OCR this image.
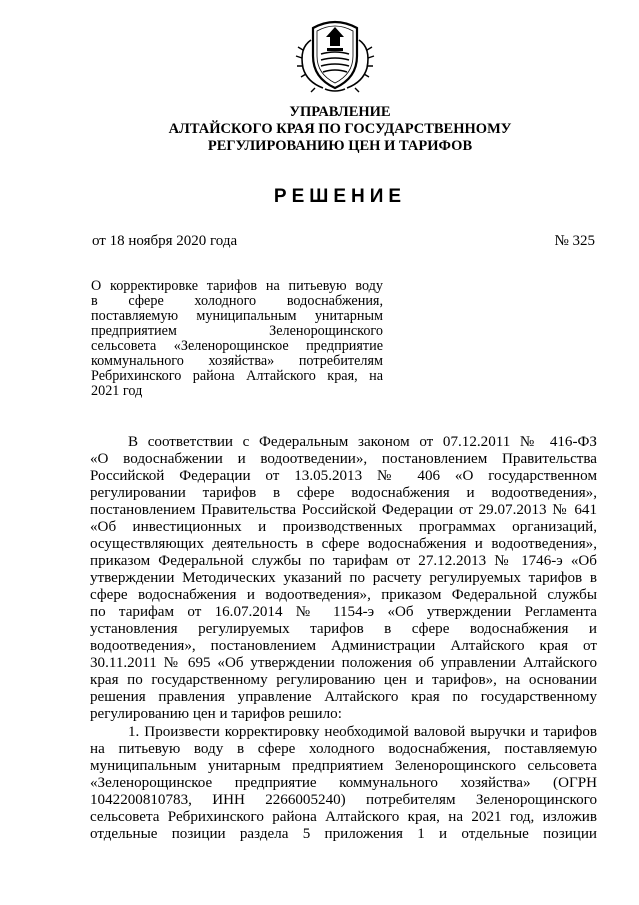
УПРАВЛЕНИЕ
АЛТАЙСКОГО КРАЯ ПО ГОСУДАРСТВЕННОМУ
РЕГУЛИРОВАНИЮ ЦЕН И ТАРИФОВ
РЕШЕНИЕ
от 18 ноября 2020 года	№ 325
О корректировке тарифов на питьевую воду
в сфере холодного водоснабжения,
поставляемую муниципальным унитарным
предприятием Зеленорощинского
сельсовета «Зеленорощинское предприятие
коммунального хозяйства» потребителям
Ребрихинского района Алтайского края, на
2021 год
В соответствии с Федеральным законом от 07.12.2011 № 416-ФЗ
«О водоснабжении и водоотведении», постановлением Правительства
Российской Федерации от 13.05.2013 № 406 «О государственном
регулировании тарифов в сфере водоснабжения и водоотведения»,
постановлением Правительства Российской Федерации от 29.07.2013 № 641
«Об инвестиционных и производственных программах организаций,
осуществляющих деятельность в сфере водоснабжения и водоотведения»,
приказом Федеральной службы по тарифам от 27.12.2013 № 1746-э «Об
утверждении Методических указаний по расчету регулируемых тарифов в
сфере водоснабжения и водоотведения», приказом Федеральной службы
по тарифам от 16.07.2014 № 1154-э «Об утверждении Регламента
установления регулируемых тарифов в сфере водоснабжения и
водоотведения», постановлением Администрации Алтайского края от
30.11.2011 № 695 «Об утверждении положения об управлении Алтайского
края по государственному регулированию цен и тарифов», на основании
решения правления управление Алтайского края по государственному
регулированию цен и тарифов решило:
1. Произвести корректировку необходимой валовой выручки и тарифов
на питьевую воду в сфере холодного водоснабжения, поставляемую
муниципальным унитарным предприятием Зеленорощинского сельсовета
«Зеленорощинское предприятие коммунального хозяйства» (ОГРН
1042200810783, ИНН 2266005240) потребителям Зеленорощинского
сельсовета Ребрихинского района Алтайского края, на 2021 год, изложив
отдельные позиции раздела 5 приложения 1 и отдельные позиции
